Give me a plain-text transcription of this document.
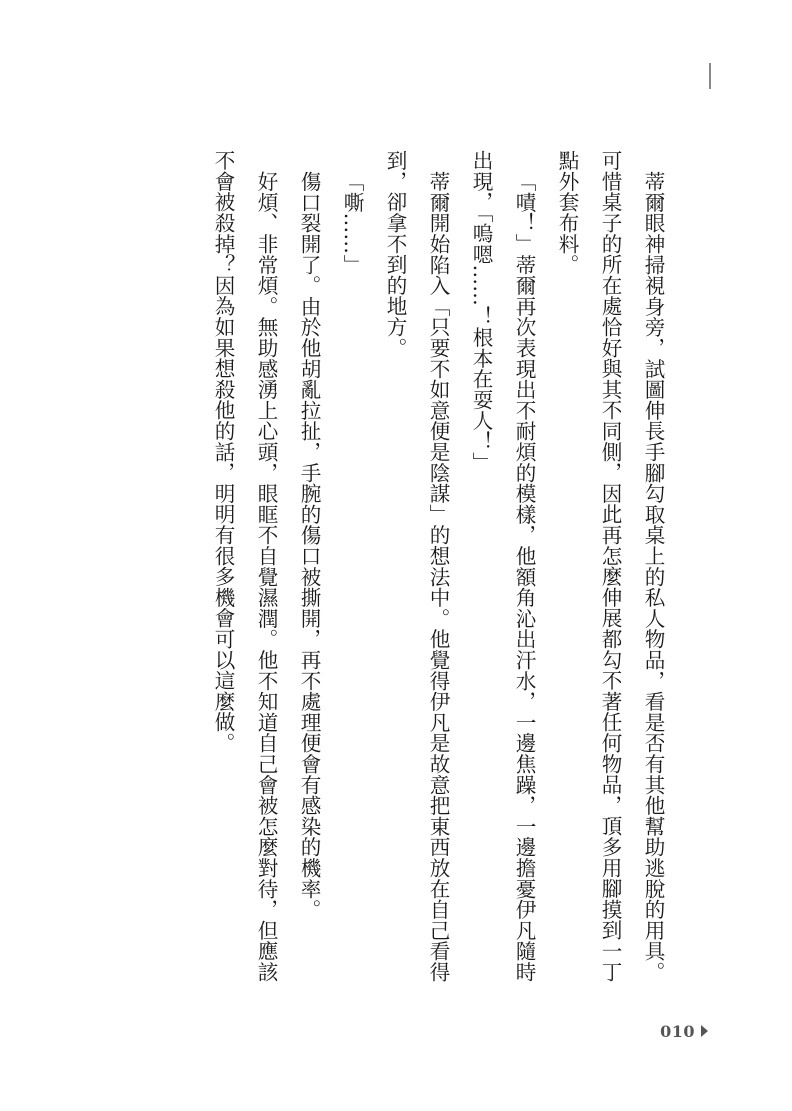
蒂爾眼神掃視身旁，試圖伸長手腳勾取桌上的私人物品，看是否有其他幫助逃脫的用具。可惜桌子的所在處恰好與其不同側，因此再怎麼伸展都勾不著任何物品，頂多用腳摸到一丁點外套布料。

「嘖！」蒂爾再次表現出不耐煩的模樣，他額角沁出汗水，一邊焦躁，一邊擔憂伊凡隨時出現，「嗚嗯……！根本在耍人！」

蒂爾開始陷入「只要不如意便是陰謀」的想法中。他覺得伊凡是故意把東西放在自己看得到，卻拿不到的地方。

「嘶……」

傷口裂開了。由於他胡亂拉扯，手腕的傷口被撕開，再不處理便會有感染的機率。

好煩、非常煩。無助感湧上心頭，眼眶不自覺濕潤。他不知道自己會被怎麼對待，但應該不會被殺掉？因為如果想殺他的話，明明有很多機會可以這麼做。

010
